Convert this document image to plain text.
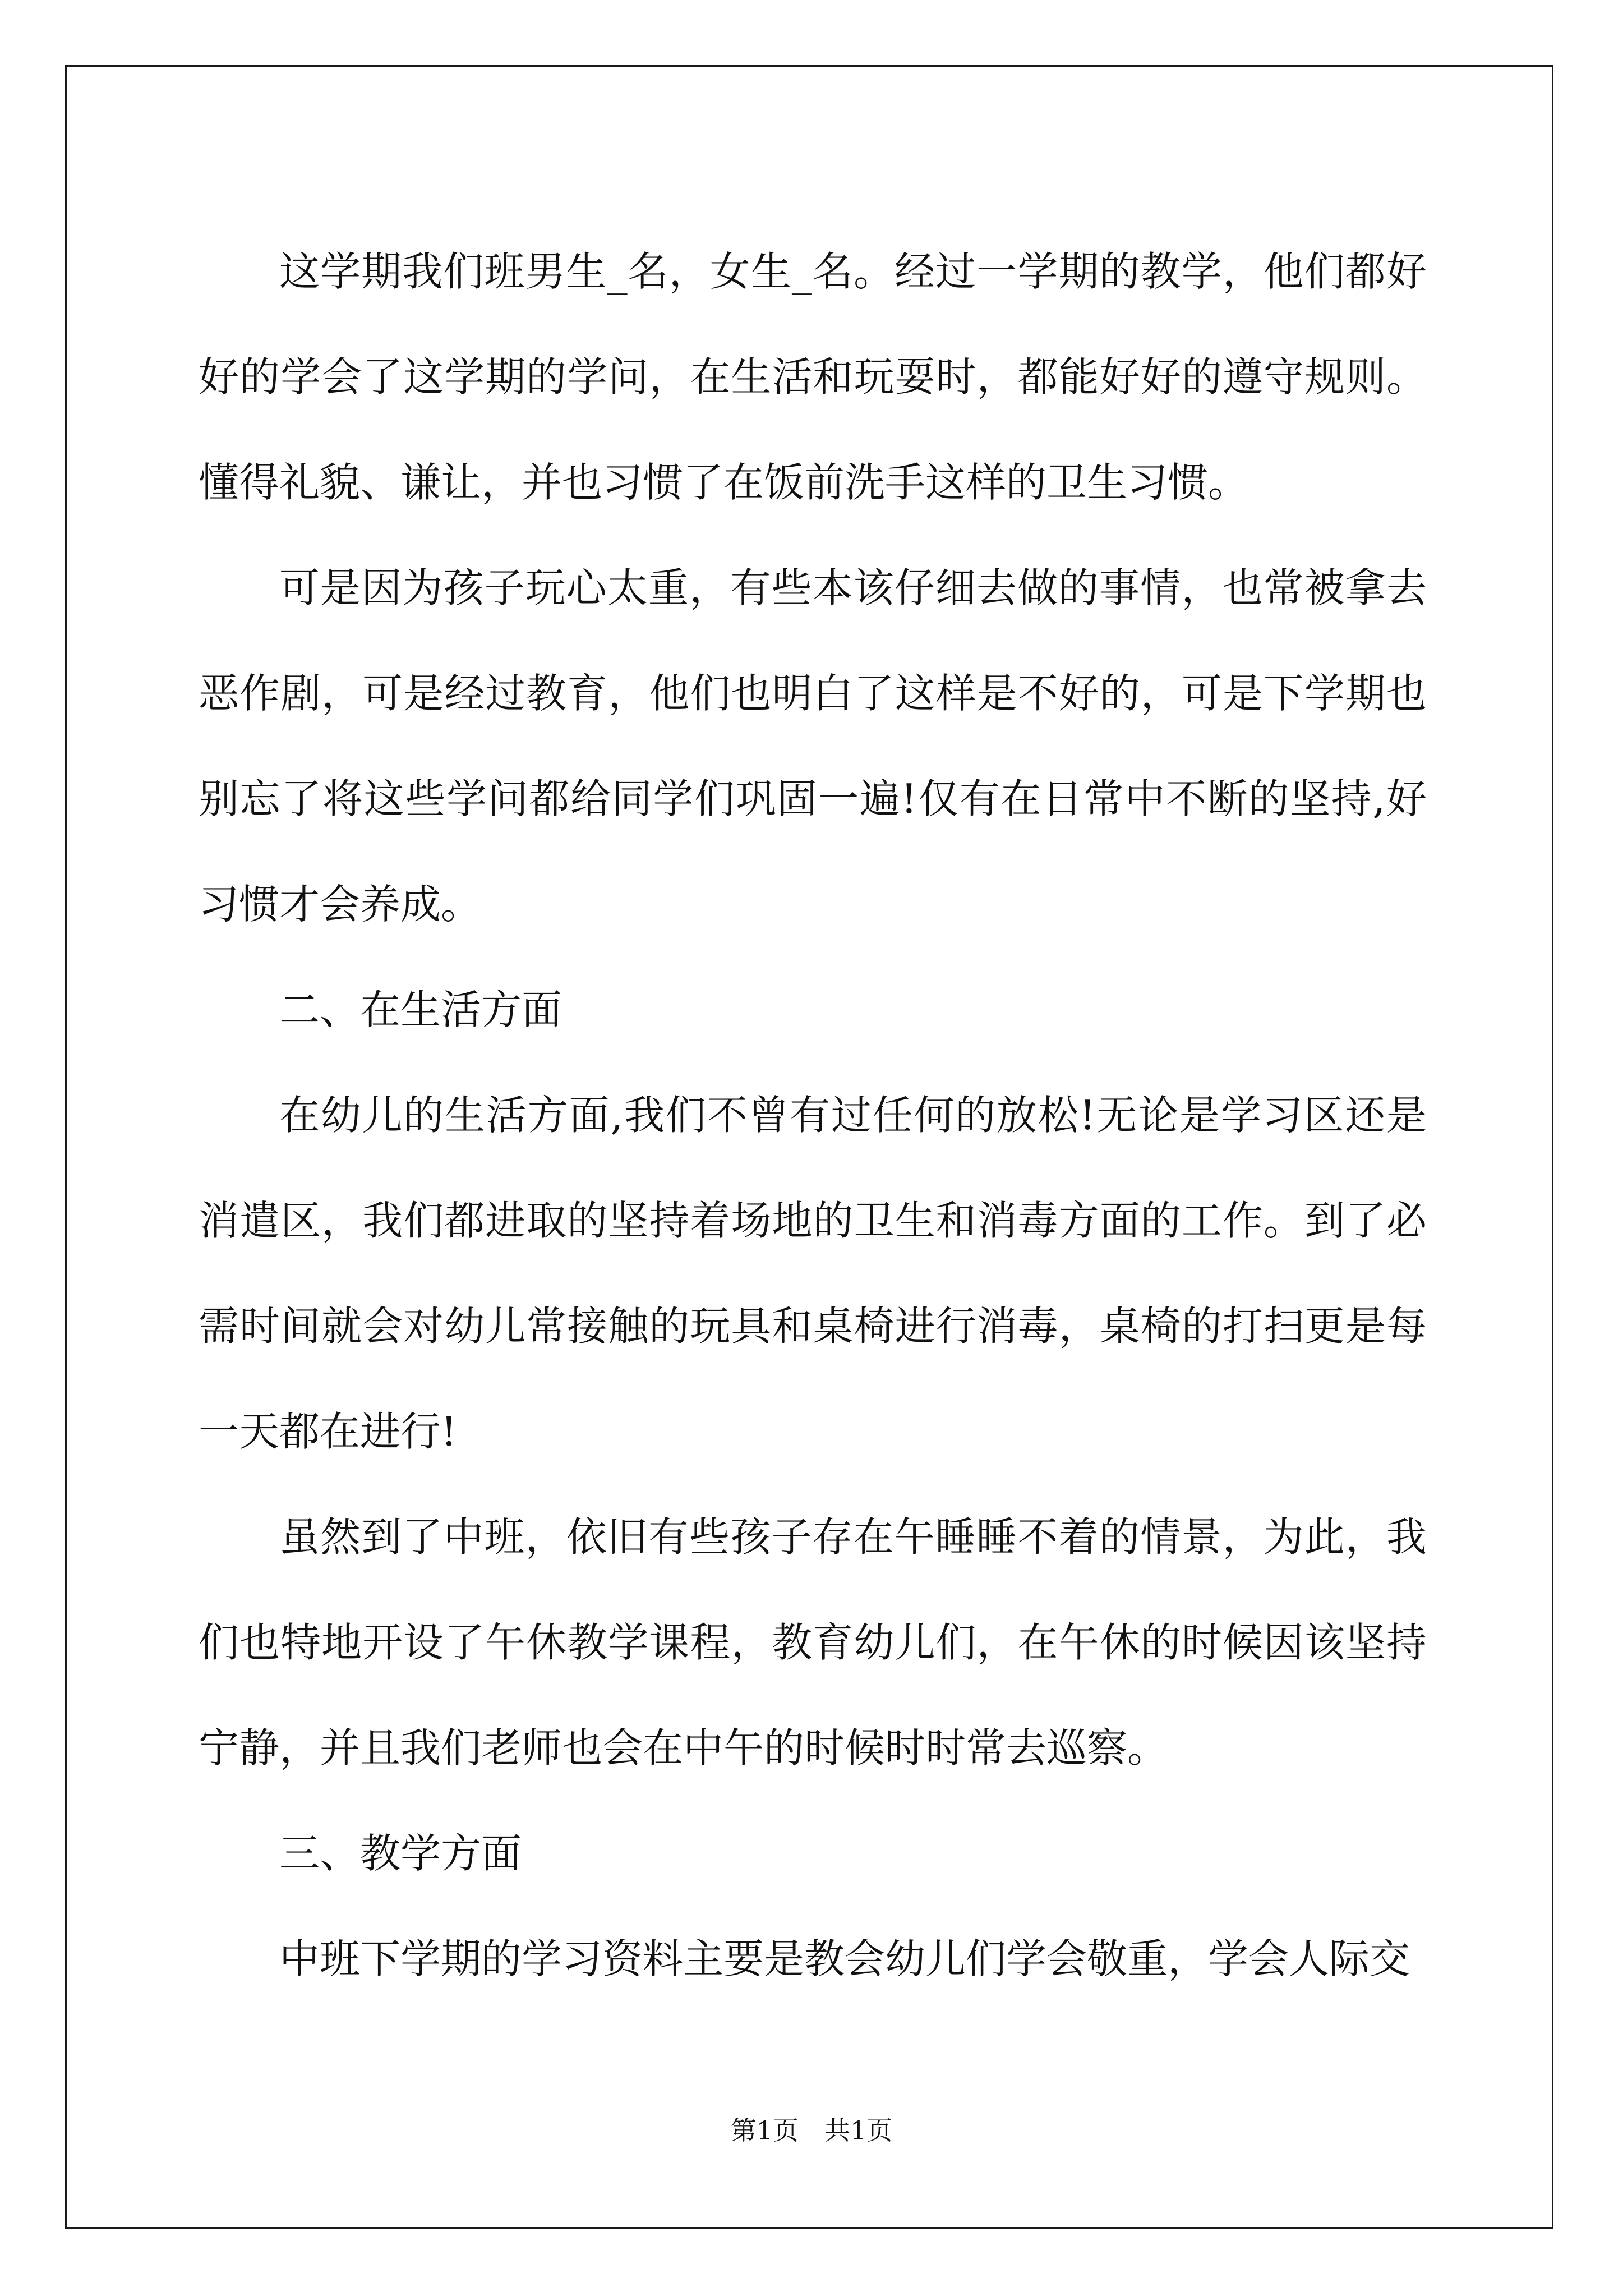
这学期我们班男生_名，女生_名。经过一学期的教学，他们都好好的学会了这学期的学问，在生活和玩耍时，都能好好的遵守规则。懂得礼貌、谦让，并也习惯了在饭前洗手这样的卫生习惯。

可是因为孩子玩心太重，有些本该仔细去做的事情，也常被拿去恶作剧，可是经过教育，他们也明白了这样是不好的，可是下学期也别忘了将这些学问都给同学们巩固一遍!仅有在日常中不断的坚持,好习惯才会养成。

二、在生活方面

在幼儿的生活方面,我们不曾有过任何的放松!无论是学习区还是消遣区，我们都进取的坚持着场地的卫生和消毒方面的工作。到了必需时间就会对幼儿常接触的玩具和桌椅进行消毒，桌椅的打扫更是每一天都在进行!

虽然到了中班，依旧有些孩子存在午睡睡不着的情景，为此，我们也特地开设了午休教学课程，教育幼儿们，在午休的时候因该坚持宁静，并且我们老师也会在中午的时候时时常去巡察。

三、教学方面

中班下学期的学习资料主要是教会幼儿们学会敬重，学会人际交

第1页　共1页
